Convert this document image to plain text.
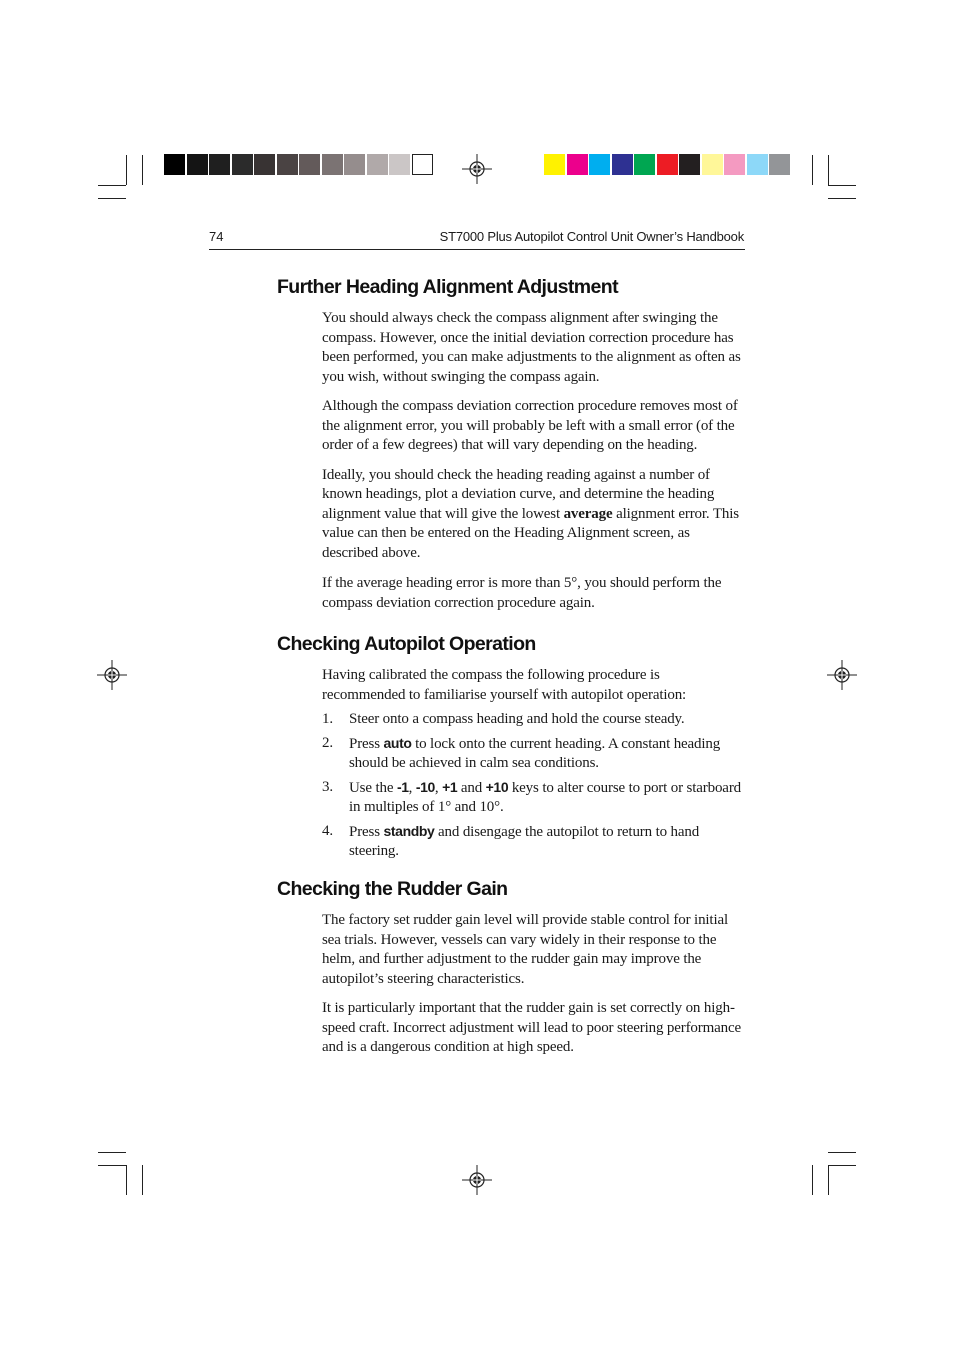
74	ST7000 Plus Autopilot Control Unit Owner’s Handbook
Further Heading Alignment Adjustment

You should always check the compass alignment after swinging the compass. However, once the initial deviation correction procedure has been performed, you can make adjustments to the alignment as often as you wish, without swinging the compass again.

Although the compass deviation correction procedure removes most of the alignment error, you will probably be left with a small error (of the order of a few degrees) that will vary depending on the heading.

Ideally, you should check the heading reading against a number of known headings, plot a deviation curve, and determine the heading alignment value that will give the lowest average alignment error. This value can then be entered on the Heading Alignment screen, as described above.

If the average heading error is more than 5°, you should perform the compass deviation correction procedure again.

Checking Autopilot Operation

Having calibrated the compass the following procedure is recommended to familiarise yourself with autopilot operation:

1. Steer onto a compass heading and hold the course steady.
2. Press auto to lock onto the current heading. A constant heading should be achieved in calm sea conditions.
3. Use the -1, -10, +1 and +10 keys to alter course to port or starboard in multiples of 1° and 10°.
4. Press standby and disengage the autopilot to return to hand steering.
Checking the Rudder Gain

The factory set rudder gain level will provide stable control for initial sea trials. However, vessels can vary widely in their response to the helm, and further adjustment to the rudder gain may improve the autopilot’s steering characteristics.

It is particularly important that the rudder gain is set correctly on high-speed craft. Incorrect adjustment will lead to poor steering performance and is a dangerous condition at high speed.
